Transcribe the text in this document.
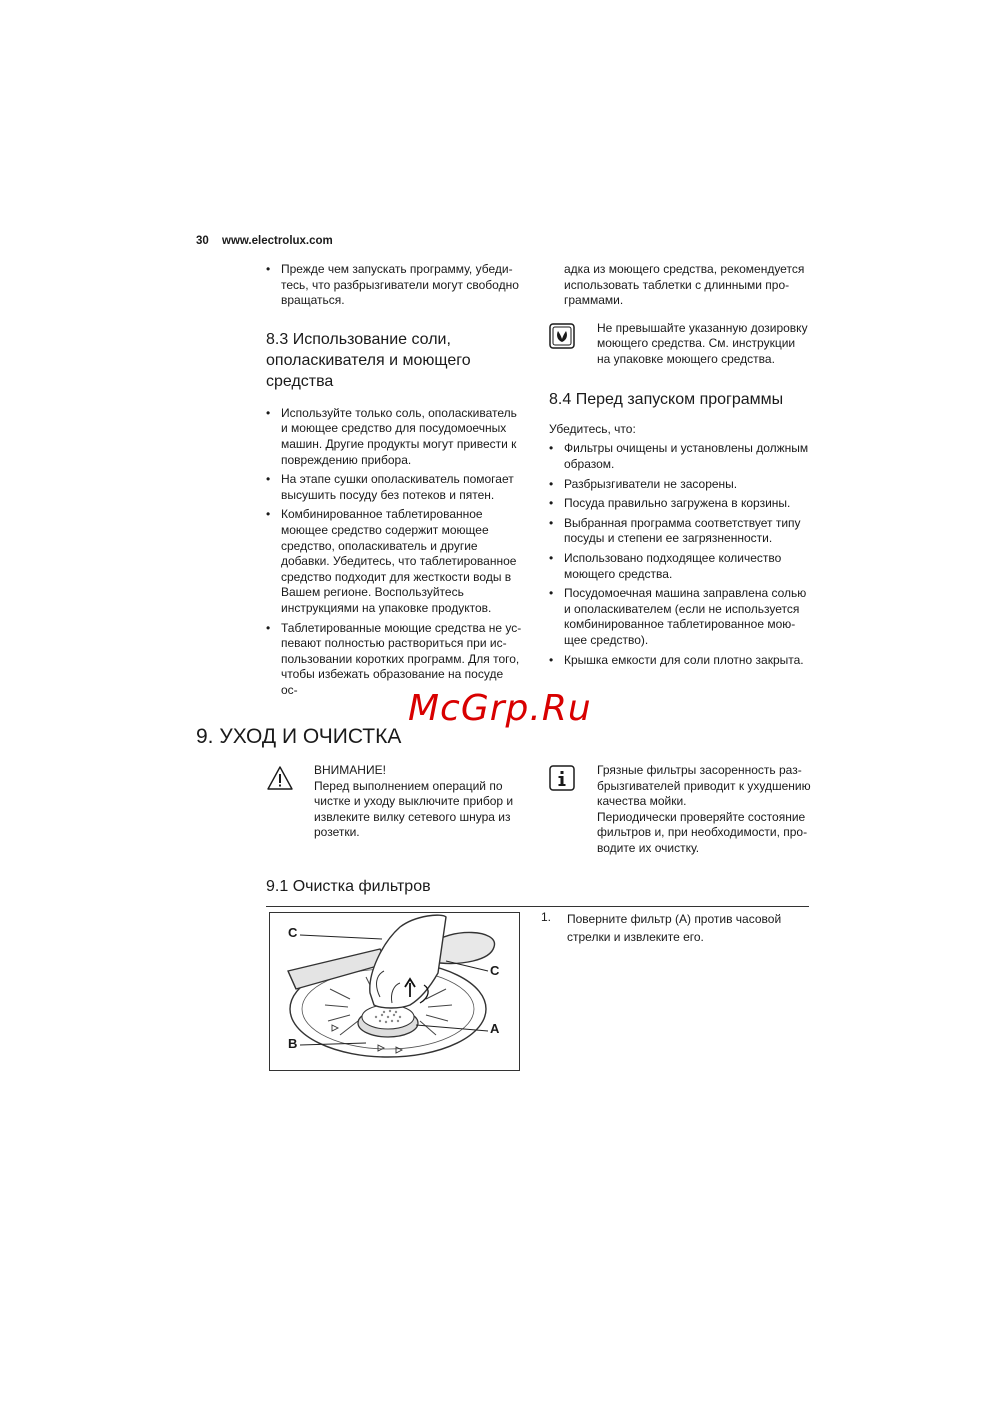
30 www.electrolux.com
• Прежде чем запускать программу, убедитесь, что разбрызгиватели могут свободно вращаться.
8.3 Использование соли, ополаскивателя и моющего средства
• Используйте только соль, ополаскиватель и моющее средство для посудомоечных машин. Другие продукты могут привести к повреждению прибора.
• На этапе сушки ополаскиватель помогает высушить посуду без потеков и пятен.
• Комбинированное таблетированное моющее средство содержит моющее средство, ополаскиватель и другие добавки. Убедитесь, что таблетированное средство подходит для жесткости воды в Вашем регионе. Воспользуйтесь инструкциями на упаковке продуктов.
• Таблетированные моющие средства не успевают полностью раствориться при использовании коротких программ. Для того, чтобы избежать образование на посуде ос-
адка из моющего средства, рекомендуется использовать таблетки с длинными программами.
Не превышайте указанную дозировку моющего средства. См. инструкции на упаковке моющего средства.
8.4 Перед запуском программы
Убедитесь, что:
• Фильтры очищены и установлены должным образом.
• Разбрызгиватели не засорены.
• Посуда правильно загружена в корзины.
• Выбранная программа соответствует типу посуды и степени ее загрязненности.
• Использовано подходящее количество моющего средства.
• Посудомоечная машина заправлена солью и ополаскивателем (если не используется комбинированное таблетированное моющее средство).
• Крышка емкости для соли плотно закрыта.
McGrp.Ru
9. УХОД И ОЧИСТКА
ВНИМАНИЕ!
Перед выполнением операций по чистке и уходу выключите прибор и извлеките вилку сетевого шнура из розетки.
Грязные фильтры засоренность разбрызгивателей приводит к ухудшению качества мойки.
Периодически проверяйте состояние фильтров и, при необходимости, проводите их очистку.
9.1 Очистка фильтров
C
C
A
B
1. Поверните фильтр (A) против часовой стрелки и извлеките его.
